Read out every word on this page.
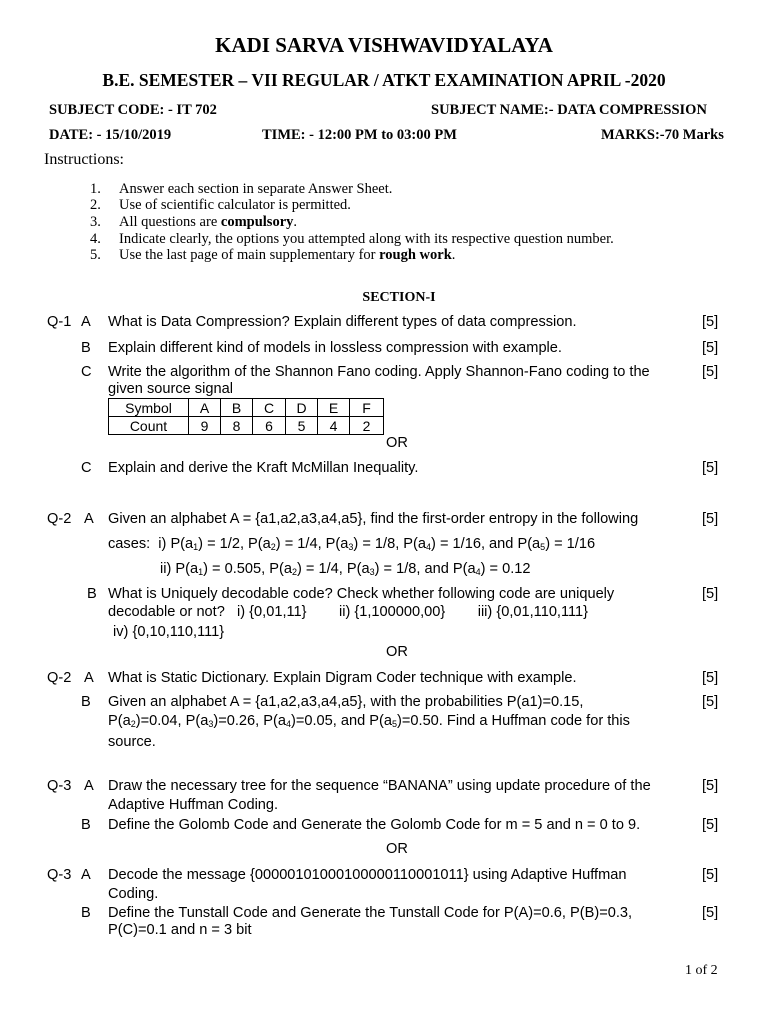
KADI SARVA VISHWAVIDYALAYA
B.E. SEMESTER – VII REGULAR / ATKT EXAMINATION APRIL -2020
SUBJECT CODE: - IT 702	SUBJECT NAME:- DATA COMPRESSION
DATE: - 15/10/2019	TIME: - 12:00 PM to 03:00 PM	MARKS:-70 Marks
Instructions:
1. Answer each section in separate Answer Sheet.
2. Use of scientific calculator is permitted.
3. All questions are compulsory.
4. Indicate clearly, the options you attempted along with its respective question number.
5. Use the last page of main supplementary for rough work.
SECTION-I
Q-1 A What is Data Compression? Explain different types of data compression.	[5]
B Explain different kind of models in lossless compression with example.	[5]
C Write the algorithm of the Shannon Fano coding. Apply Shannon-Fano coding to the
given source signal
[5]
Symbol	A	B	C	D	E	F
Count	9	8	6	5	4	2
OR
C Explain and derive the Kraft McMillan Inequality.	[5]
Q-2 A Given an alphabet A = {a1,a2,a3,a4,a5}, find the first-order entropy in the following	[5]
cases:  i) $P(a_1) = 1/2$, $P(a_2) = 1/4$, $P(a_3) = 1/8$, $P(a_4) = 1/16$, and $P(a_5) = 1/16$
ii) $P(a_1) = 0.505$, $P(a_2) = 1/4$, $P(a_3) = 1/8$, and $P(a_4) = 0.12$
B What is Uniquely decodable code? Check whether following code are uniquely
decodable or not?   i) {0,01,11}        ii) {1,100000,00}        iii) {0,01,110,111}
iv) {0,10,110,111}
[5]
OR
Q-2 A What is Static Dictionary. Explain Digram Coder technique with example.	[5]
B Given an alphabet A = {a1,a2,a3,a4,a5}, with the probabilities P(a1)=0.15,
$P(a_2)=0.04$, $P(a_3)=0.26$, $P(a_4)=0.05$, and $P(a_5)=0.50$. Find a Huffman code for this
source.
[5]
Q-3 A Draw the necessary tree for the sequence “BANANA” using update procedure of the
Adaptive Huffman Coding.
[5]
B Define the Golomb Code and Generate the Golomb Code for m = 5 and n = 0 to 9.	[5]
OR
Q-3 A Decode the message {00000101000100000110001011} using Adaptive Huffman
Coding.
[5]
B Define the Tunstall Code and Generate the Tunstall Code for P(A)=0.6, P(B)=0.3,
P(C)=0.1 and n = 3 bit
[5]
1 of 2
